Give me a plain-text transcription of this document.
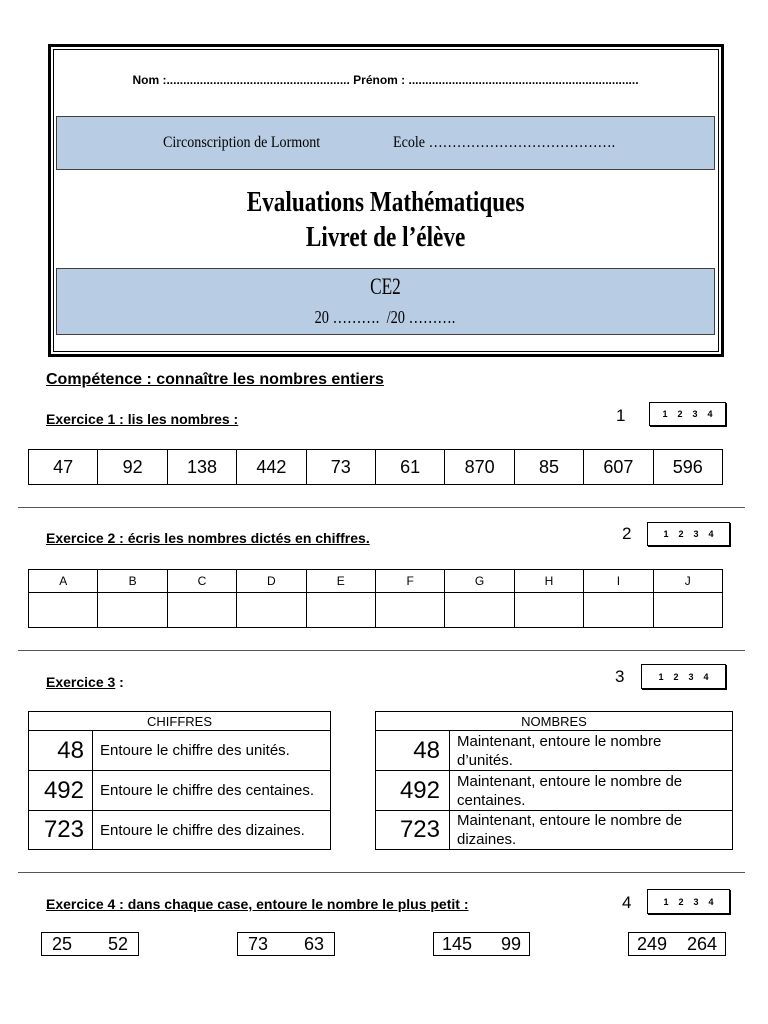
Nom :....................................................... Prénom : .....................................................................
Circonscription de Lormont	Ecole ………………………………….
Evaluations Mathématiques
Livret de l’élève
CE2
20 ……….  /20 ……….
Compétence : connaître les nombres entiers
Exercice 1 : lis les nombres :	1	1 2 3 4
47	92	138	442	73	61	870	85	607	596
Exercice 2 : écris les nombres dictés en chiffres.	2	1 2 3 4
A	B	C	D	E	F	G	H	I	J
Exercice 3 :	3	1 2 3 4
CHIFFRES
48	Entoure le chiffre des unités.
492	Entoure le chiffre des centaines.
723	Entoure le chiffre des dizaines.
NOMBRES
48	Maintenant, entoure le nombre d’unités.
492	Maintenant, entoure le nombre de centaines.
723	Maintenant, entoure le nombre de dizaines.
Exercice 4 : dans chaque case, entoure le nombre le plus petit :	4	1 2 3 4
25 52	73 63	145 99	249 264
